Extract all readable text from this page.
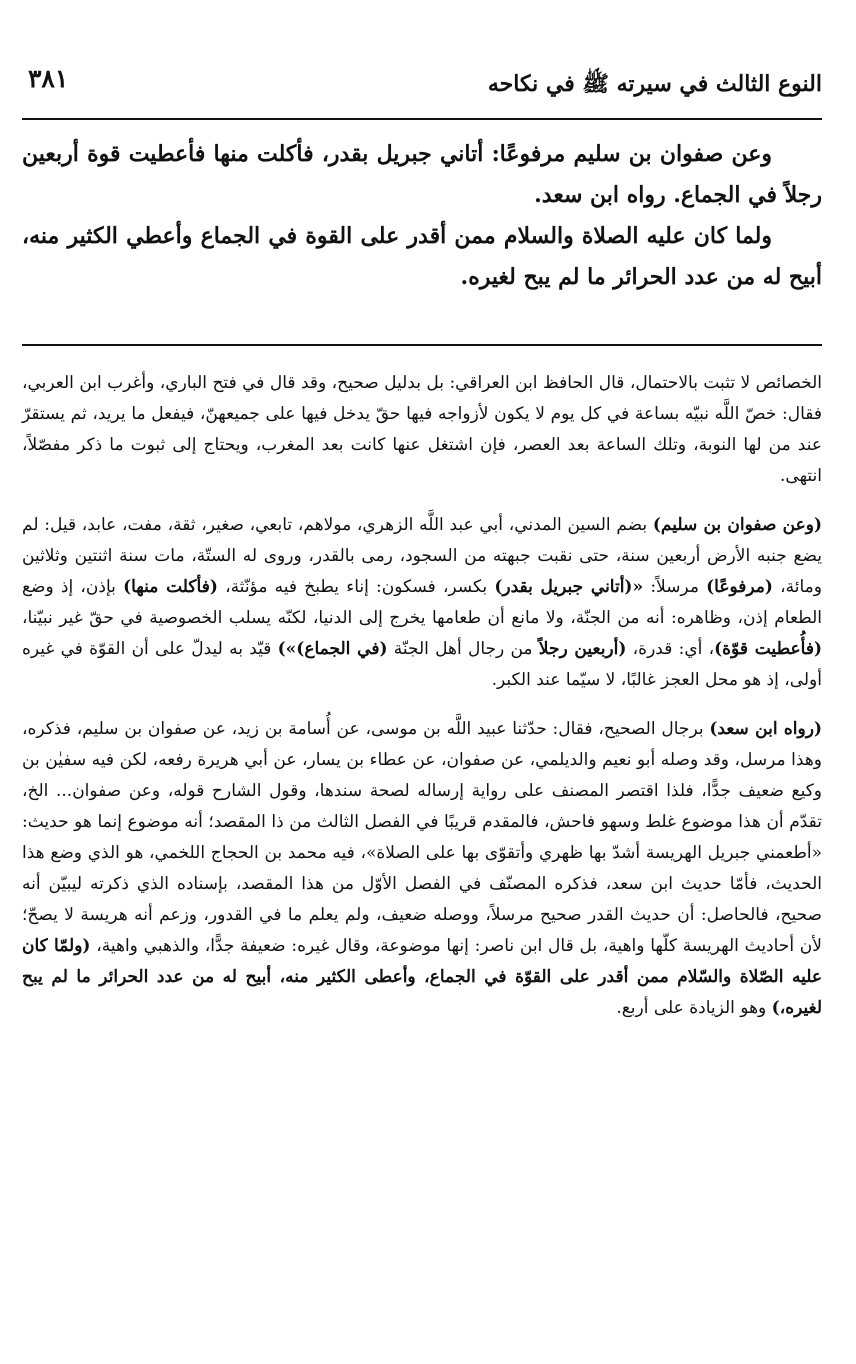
النوع الثالث في سيرته ﷺ في نكاحه
٣٨١

وعن صفوان بن سليم مرفوعًا: أتاني جبريل بقدر، فأكلت منها فأعطيت قوة أربعين رجلاً في الجماع. رواه ابن سعد.

ولما كان عليه الصلاة والسلام ممن أقدر على القوة في الجماع وأعطي الكثير منه، أبيح له من عدد الحرائر ما لم يبح لغيره.

الخصائص لا تثبت بالاحتمال، قال الحافظ ابن العراقي: بل بدليل صحيح، وقد قال في فتح الباري، وأغرب ابن العربي، فقال: خصّ اللَّه نبيّه بساعة في كل يوم لا يكون لأزواجه فيها حقّ يدخل فيها على جميعهنّ، فيفعل ما يريد، ثم يستقرّ عند من لها النوبة، وتلك الساعة بعد العصر، فإن اشتغل عنها كانت بعد المغرب، ويحتاج إلى ثبوت ما ذكر مفصّلاً، انتهى.

(وعن صفوان بن سليم) بضم السين المدني، أبي عبد اللَّه الزهري، مولاهم، تابعي، صغير، ثقة، مفت، عابد، قيل: لم يضع جنبه الأرض أربعين سنة، حتى نقبت جبهته من السجود، رمى بالقدر، وروى له الستّة، مات سنة اثنتين وثلاثين ومائة، (مرفوعًا) مرسلاً: «(أتاني جبريل بقدر) بكسر، فسكون: إناء يطبخ فيه مؤنّثة، (فأكلت منها) بإذن، إذ وضع الطعام إذن، وظاهره: أنه من الجنّة، ولا مانع أن طعامها يخرج إلى الدنيا، لكنّه يسلب الخصوصية في حقّ غير نبيّنا، (فأُعطيت قوّة)، أي: قدرة، (أربعين رجلاً من رجال أهل الجنّة (في الجماع)») قيّد به ليدلّ على أن القوّة في غيره أولى، إذ هو محل العجز غالبًا، لا سيّما عند الكبر.

(رواه ابن سعد) برجال الصحيح، فقال: حدّثنا عبيد اللَّه بن موسى، عن أُسامة بن زيد، عن صفوان بن سليم، فذكره، وهذا مرسل، وقد وصله أبو نعيم والديلمي، عن صفوان، عن عطاء بن يسار، عن أبي هريرة رفعه، لكن فيه سفيٰن بن وكيع ضعيف جدًّا، فلذا اقتصر المصنف على رواية إرساله لصحة سندها، وقول الشارح قوله، وعن صفوان... الخ، تقدّم أن هذا موضوع غلط وسهو فاحش، فالمقدم قريبًا في الفصل الثالث من ذا المقصد؛ أنه موضوع إنما هو حديث: «أطعمني جبريل الهريسة أشدّ بها ظهري وأتقوّى بها على الصلاة»، فيه محمد بن الحجاج اللخمي، هو الذي وضع هذا الحديث، فأمّا حديث ابن سعد، فذكره المصنّف في الفصل الأوّل من هذا المقصد، بإسناده الذي ذكرته ليبيّن أنه صحيح، فالحاصل: أن حديث القدر صحيح مرسلاً، ووصله ضعيف، ولم يعلم ما في القدور، وزعم أنه هريسة لا يصحّ؛ لأن أحاديث الهريسة كلّها واهية، بل قال ابن ناصر: إنها موضوعة، وقال غيره: ضعيفة جدًّا، والذهبي واهية، (ولمّا كان عليه الصّلاة والسّلام ممن أقدر على القوّة في الجماع، وأعطى الكثير منه، أبيح له من عدد الحرائر ما لم يبح لغيره،) وهو الزيادة على أربع.
